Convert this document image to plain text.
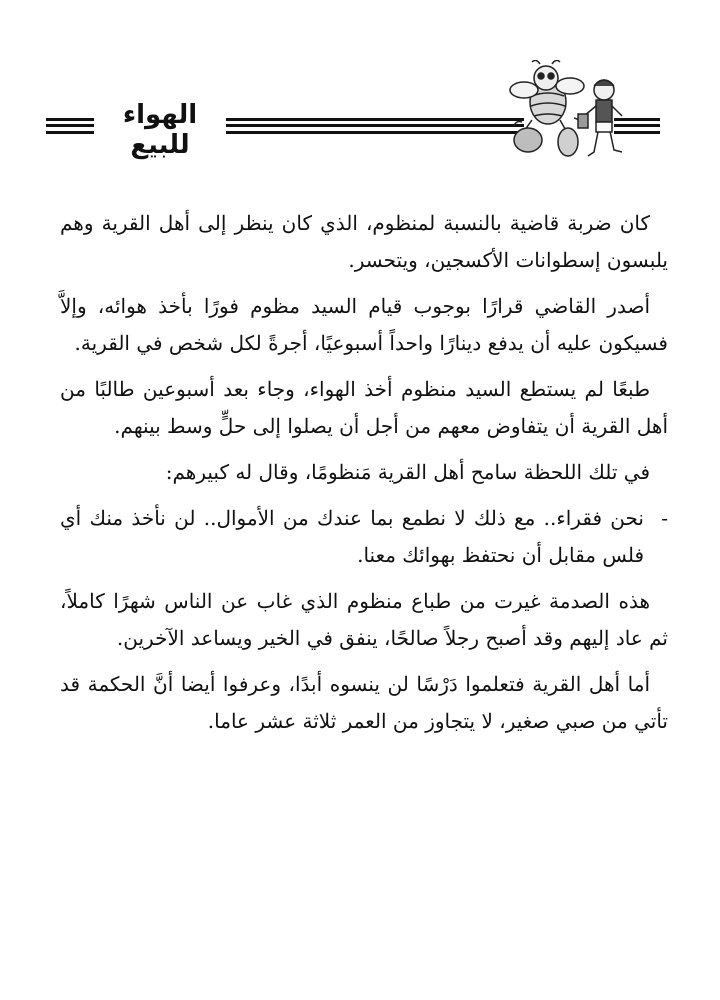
الهواء للبيع

كان ضربة قاضية بالنسبة لمنظوم، الذي كان ينظر إلى أهل القرية وهم يلبسون إسطوانات الأكسجين، ويتحسر.

أصدر القاضي قرارًا بوجوب قيام السيد مظوم فورًا بأخذ هوائه، وإلاَّ فسيكون عليه أن يدفع دينارًا واحداً أسبوعيًا، أجرةً لكل شخص في القرية.

طبعًا لم يستطع السيد منظوم أخذ الهواء، وجاء بعد أسبوعين طالبًا من أهل القرية أن يتفاوض معهم من أجل أن يصلوا إلى حلٍّ وسط بينهم.

في تلك اللحظة سامح أهل القرية مَنظومًا، وقال له كبيرهم:

-
نحن فقراء.. مع ذلك لا نطمع بما عندك من الأموال.. لن نأخذ منك أي فلس مقابل أن نحتفظ بهوائك معنا.

هذه الصدمة غيرت من طباع منظوم الذي غاب عن الناس شهرًا كاملاً، ثم عاد إليهم وقد أصبح رجلاً صالحًا، ينفق في الخير ويساعد الآخرين.

أما أهل القرية فتعلموا دَرْسًا لن ينسوه أبدًا، وعرفوا أيضا أنَّ الحكمة قد تأتي من صبي صغير، لا يتجاوز من العمر ثلاثة عشر عاما.
